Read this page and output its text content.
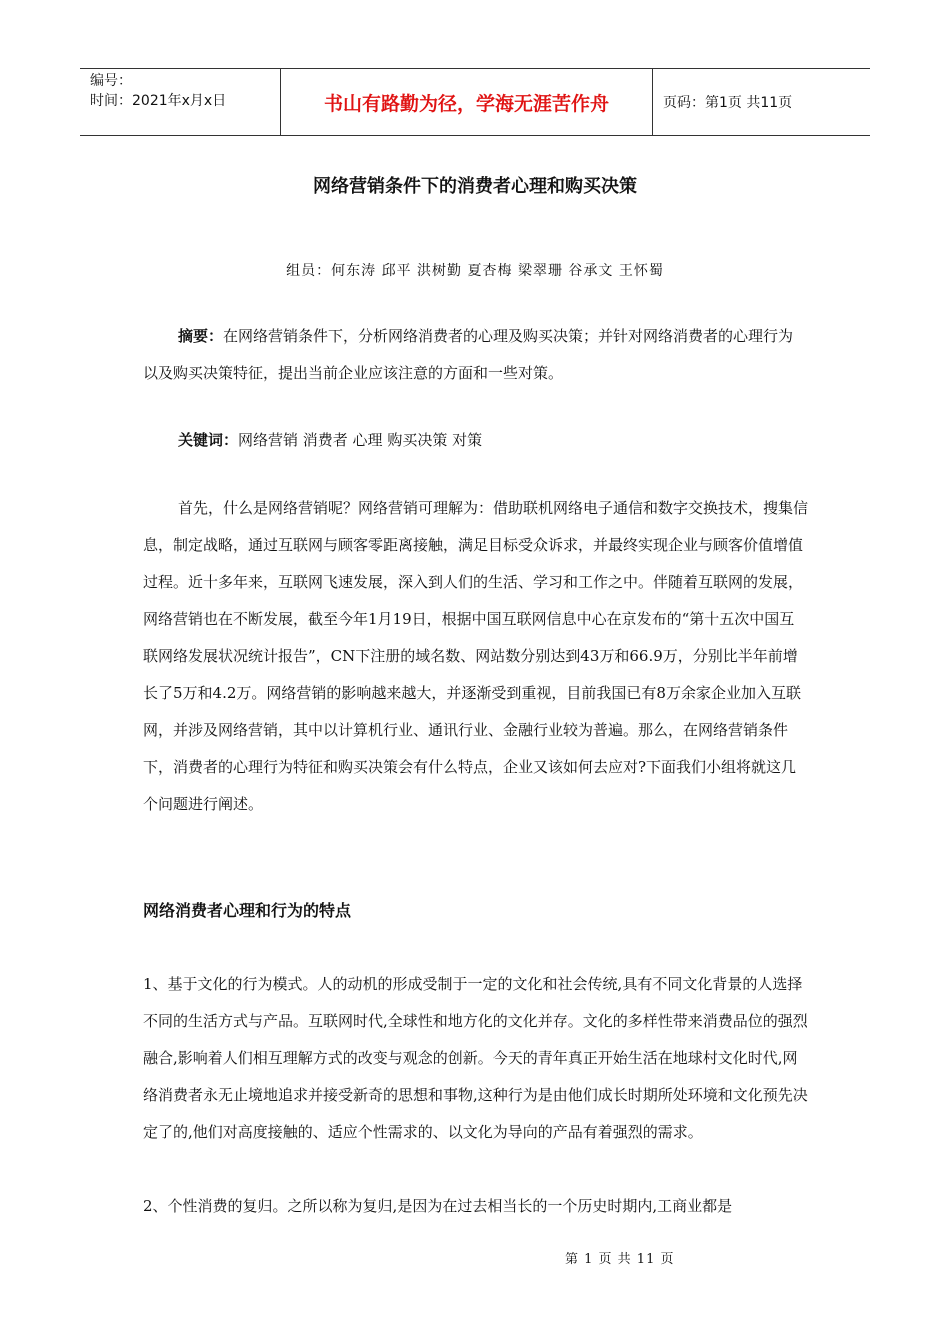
编号：
时间：2021年x月x日	书山有路勤为径，学海无涯苦作舟	页码：第1页 共11页
网络营销条件下的消费者心理和购买决策
组员：何东涛 邱平 洪树勤 夏杏梅 梁翠珊 谷承文 王怀蜀
摘要：在网络营销条件下，分析网络消费者的心理及购买决策；并针对网络消费者的心理行为以及购买决策特征，提出当前企业应该注意的方面和一些对策。
关键词：网络营销 消费者 心理 购买决策 对策
首先，什么是网络营销呢？网络营销可理解为：借助联机网络电子通信和数字交换技术，搜集信息，制定战略，通过互联网与顾客零距离接触，满足目标受众诉求，并最终实现企业与顾客价值增值过程。近十多年来，互联网飞速发展，深入到人们的生活、学习和工作之中。伴随着互联网的发展，网络营销也在不断发展，截至今年1月19日，根据中国互联网信息中心在京发布的“第十五次中国互联网络发展状况统计报告”，CN下注册的域名数、网站数分别达到43万和66.9万，分别比半年前增长了5万和4.2万。网络营销的影响越来越大，并逐渐受到重视，目前我国已有8万余家企业加入互联网，并涉及网络营销，其中以计算机行业、通讯行业、金融行业较为普遍。那么，在网络营销条件下，消费者的心理行为特征和购买决策会有什么特点，企业又该如何去应对?下面我们小组将就这几个问题进行阐述。
网络消费者心理和行为的特点
1、基于文化的行为模式。人的动机的形成受制于一定的文化和社会传统,具有不同文化背景的人选择不同的生活方式与产品。互联网时代,全球性和地方化的文化并存。文化的多样性带来消费品位的强烈融合,影响着人们相互理解方式的改变与观念的创新。今天的青年真正开始生活在地球村文化时代,网络消费者永无止境地追求并接受新奇的思想和事物,这种行为是由他们成长时期所处环境和文化预先决定了的,他们对高度接触的、适应个性需求的、以文化为导向的产品有着强烈的需求。
2、个性消费的复归。之所以称为复归,是因为在过去相当长的一个历史时期内,工商业都是
第 1 页 共 11 页
